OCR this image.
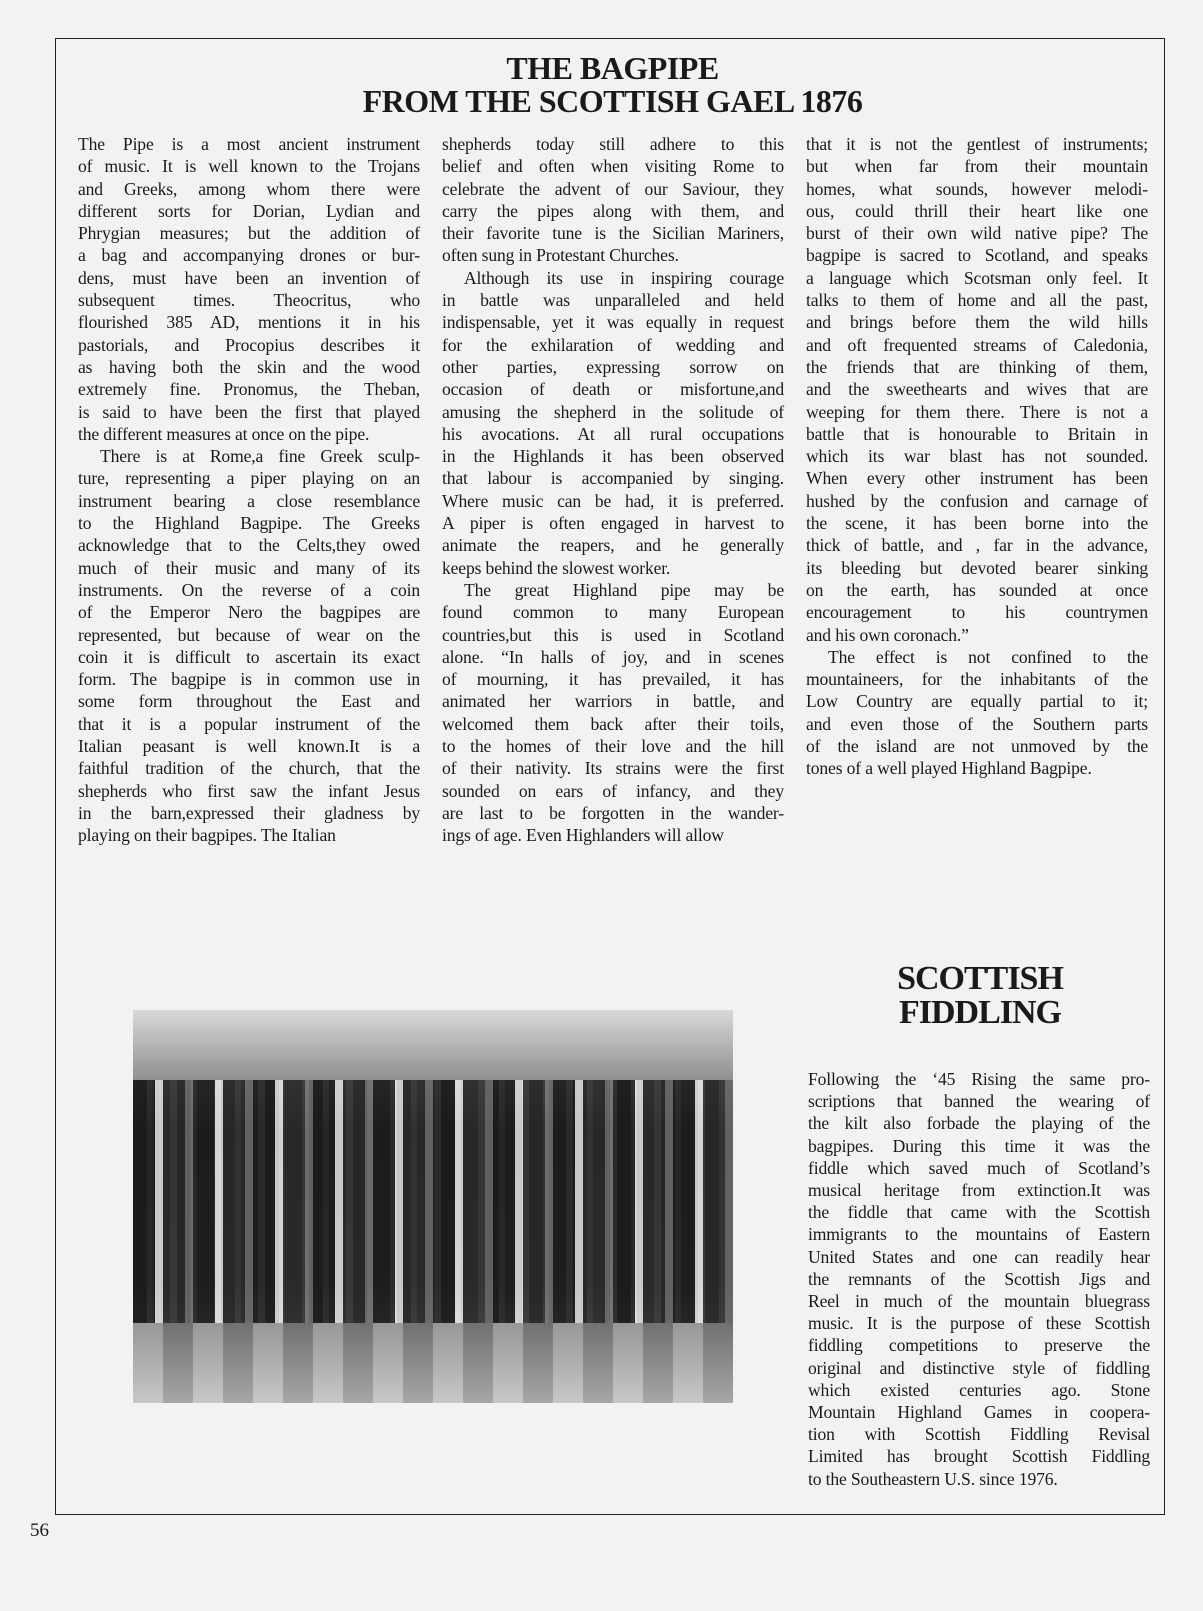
THE BAGPIPE
FROM THE SCOTTISH GAEL 1876
The Pipe is a most ancient instrument
of music. It is well known to the Trojans
and Greeks, among whom there were
different sorts for Dorian, Lydian and
Phrygian measures; but the addition of
a bag and accompanying drones or bur-
dens, must have been an invention of
subsequent times. Theocritus, who
flourished 385 AD, mentions it in his
pastorials, and Procopius describes it
as having both the skin and the wood
extremely fine. Pronomus, the Theban,
is said to have been the first that played
the different measures at once on the pipe.
There is at Rome,a fine Greek sculp-
ture, representing a piper playing on an
instrument bearing a close resemblance
to the Highland Bagpipe. The Greeks
acknowledge that to the Celts,they owed
much of their music and many of its
instruments. On the reverse of a coin
of the Emperor Nero the bagpipes are
represented, but because of wear on the
coin it is difficult to ascertain its exact
form. The bagpipe is in common use in
some form throughout the East and
that it is a popular instrument of the
Italian peasant is well known.It is a
faithful tradition of the church, that the
shepherds who first saw the infant Jesus
in the barn,expressed their gladness by
playing on their bagpipes. The Italian
shepherds today still adhere to this
belief and often when visiting Rome to
celebrate the advent of our Saviour, they
carry the pipes along with them, and
their favorite tune is the Sicilian Mariners,
often sung in Protestant Churches.
Although its use in inspiring courage
in battle was unparalleled and held
indispensable, yet it was equally in request
for the exhilaration of wedding and
other parties, expressing sorrow on
occasion of death or misfortune,and
amusing the shepherd in the solitude of
his avocations. At all rural occupations
in the Highlands it has been observed
that labour is accompanied by singing.
Where music can be had, it is preferred.
A piper is often engaged in harvest to
animate the reapers, and he generally
keeps behind the slowest worker.
The great Highland pipe may be
found common to many European
countries,but this is used in Scotland
alone. “In halls of joy, and in scenes
of mourning, it has prevailed, it has
animated her warriors in battle, and
welcomed them back after their toils,
to the homes of their love and the hill
of their nativity. Its strains were the first
sounded on ears of infancy, and they
are last to be forgotten in the wander-
ings of age. Even Highlanders will allow
that it is not the gentlest of instruments;
but when far from their mountain
homes, what sounds, however melodi-
ous, could thrill their heart like one
burst of their own wild native pipe? The
bagpipe is sacred to Scotland, and speaks
a language which Scotsman only feel. It
talks to them of home and all the past,
and brings before them the wild hills
and oft frequented streams of Caledonia,
the friends that are thinking of them,
and the sweethearts and wives that are
weeping for them there. There is not a
battle that is honourable to Britain in
which its war blast has not sounded.
When every other instrument has been
hushed by the confusion and carnage of
the scene, it has been borne into the
thick of battle, and , far in the advance,
its bleeding but devoted bearer sinking
on the earth, has sounded at once
encouragement to his countrymen
and his own coronach.”
The effect is not confined to the
mountaineers, for the inhabitants of the
Low Country are equally partial to it;
and even those of the Southern parts
of the island are not unmoved by the
tones of a well played Highland Bagpipe.
SCOTTISH
FIDDLING
Following the ‘45 Rising the same pro-
scriptions that banned the wearing of
the kilt also forbade the playing of the
bagpipes. During this time it was the
fiddle which saved much of Scotland’s
musical heritage from extinction.It was
the fiddle that came with the Scottish
immigrants to the mountains of Eastern
United States and one can readily hear
the remnants of the Scottish Jigs and
Reel in much of the mountain bluegrass
music. It is the purpose of these Scottish
fiddling competitions to preserve the
original and distinctive style of fiddling
which existed centuries ago. Stone
Mountain Highland Games in coopera-
tion with Scottish Fiddling Revisal
Limited has brought Scottish Fiddling
to the Southeastern U.S. since 1976.
56
